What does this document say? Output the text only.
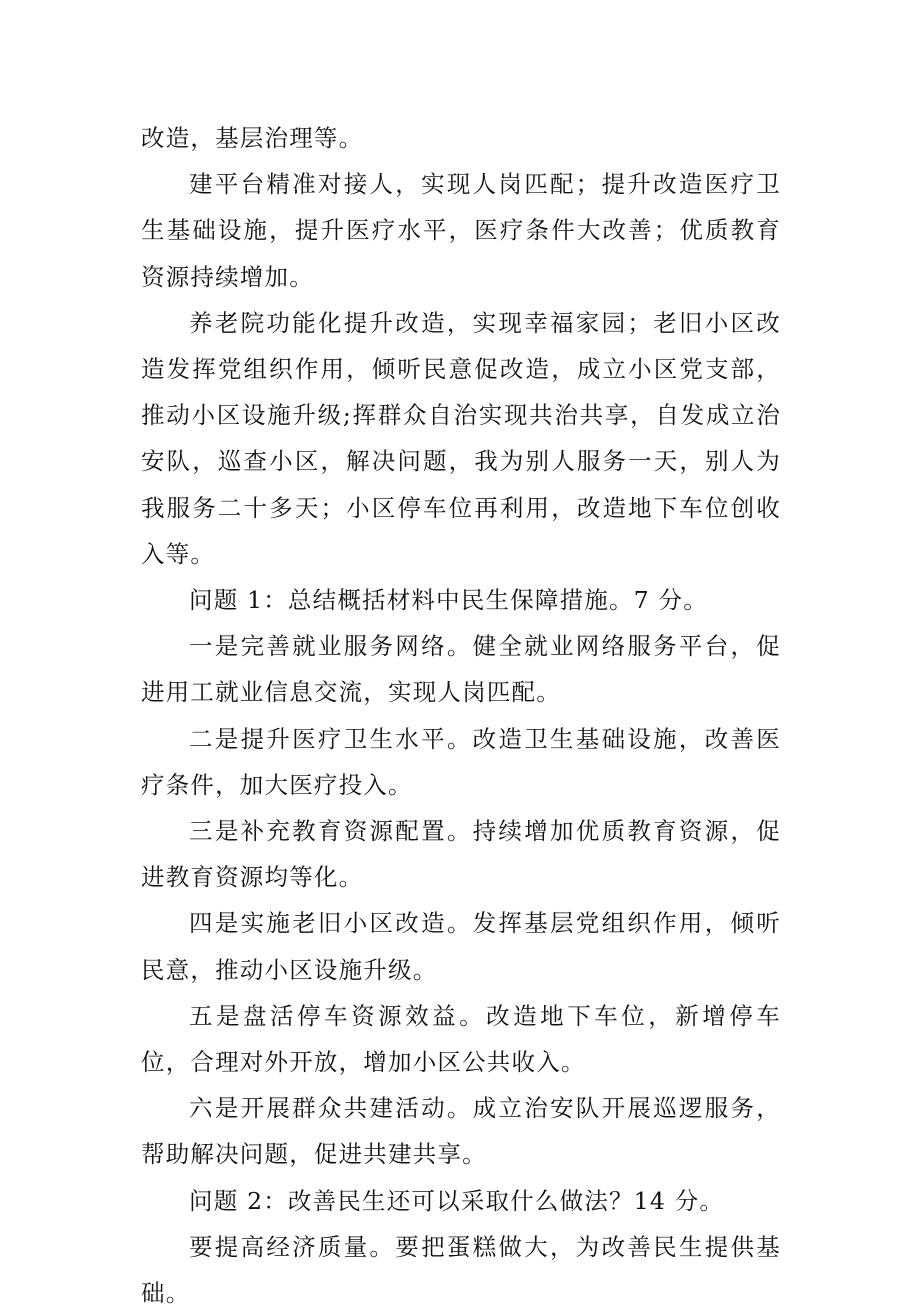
改造，基层治理等。

建平台精准对接人，实现人岗匹配；提升改造医疗卫生基础设施，提升医疗水平，医疗条件大改善；优质教育资源持续增加。

养老院功能化提升改造，实现幸福家园；老旧小区改造发挥党组织作用，倾听民意促改造，成立小区党支部，推动小区设施升级;挥群众自治实现共治共享，自发成立治安队，巡查小区，解决问题，我为别人服务一天，别人为我服务二十多天；小区停车位再利用，改造地下车位创收入等。

问题 1：总结概括材料中民生保障措施。7 分。

一是完善就业服务网络。健全就业网络服务平台，促进用工就业信息交流，实现人岗匹配。

二是提升医疗卫生水平。改造卫生基础设施，改善医疗条件，加大医疗投入。

三是补充教育资源配置。持续增加优质教育资源，促进教育资源均等化。

四是实施老旧小区改造。发挥基层党组织作用，倾听民意，推动小区设施升级。

五是盘活停车资源效益。改造地下车位，新增停车位，合理对外开放，增加小区公共收入。

六是开展群众共建活动。成立治安队开展巡逻服务，帮助解决问题，促进共建共享。

问题 2：改善民生还可以采取什么做法？14 分。

要提高经济质量。要把蛋糕做大，为改善民生提供基础。
